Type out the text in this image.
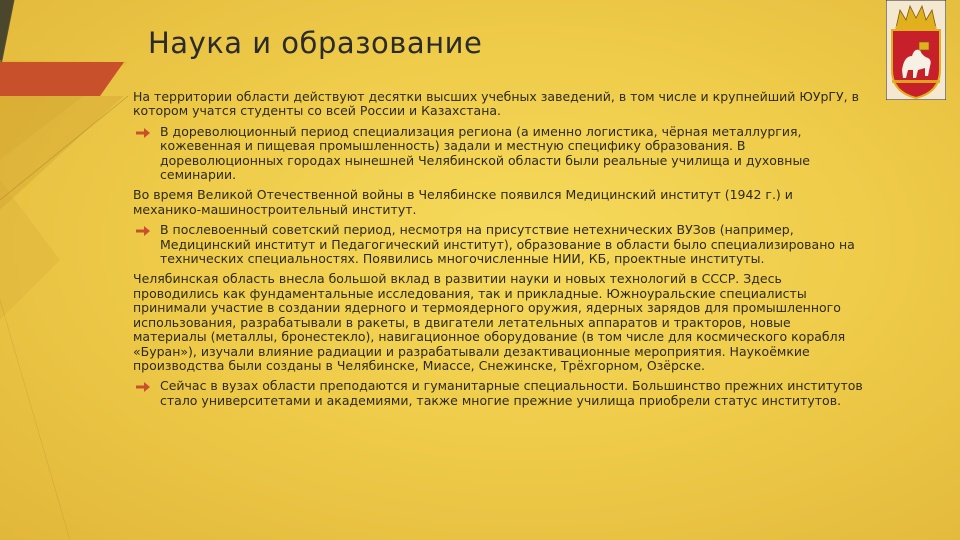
Наука и образование
На территории области действуют десятки высших учебных заведений, в том числе и крупнейший ЮУрГУ, в котором учатся студенты со всей России и Казахстана.
В дореволюционный период специализация региона (а именно логистика, чёрная металлургия, кожевенная и пищевая промышленность) задали и местную специфику образования. В дореволюционных городах нынешней Челябинской области были реальные училища и духовные семинарии.
Во время Великой Отечественной войны в Челябинске появился Медицинский институт (1942 г.) и механико-машиностроительный институт.
В послевоенный советский период, несмотря на присутствие нетехнических ВУЗов (например, Медицинский институт и Педагогический институт), образование в области было специализировано на технических специальностях. Появились многочисленные НИИ, КБ, проектные институты.
Челябинская область внесла большой вклад в развитии науки и новых технологий в СССР. Здесь проводились как фундаментальные исследования, так и прикладные. Южноуральские специалисты принимали участие в создании ядерного и термоядерного оружия, ядерных зарядов для промышленного использования, разрабатывали в ракеты, в двигатели летательных аппаратов и тракторов, новые материалы (металлы, бронестекло), навигационное оборудование (в том числе для космического корабля «Буран»), изучали влияние радиации и разрабатывали дезактивационные мероприятия. Наукоёмкие производства были созданы в Челябинске, Миассе, Снежинске, Трёхгорном, Озёрске.
Сейчас в вузах области преподаются и гуманитарные специальности. Большинство прежних институтов стало университетами и академиями, также многие прежние училища приобрели статус институтов.
